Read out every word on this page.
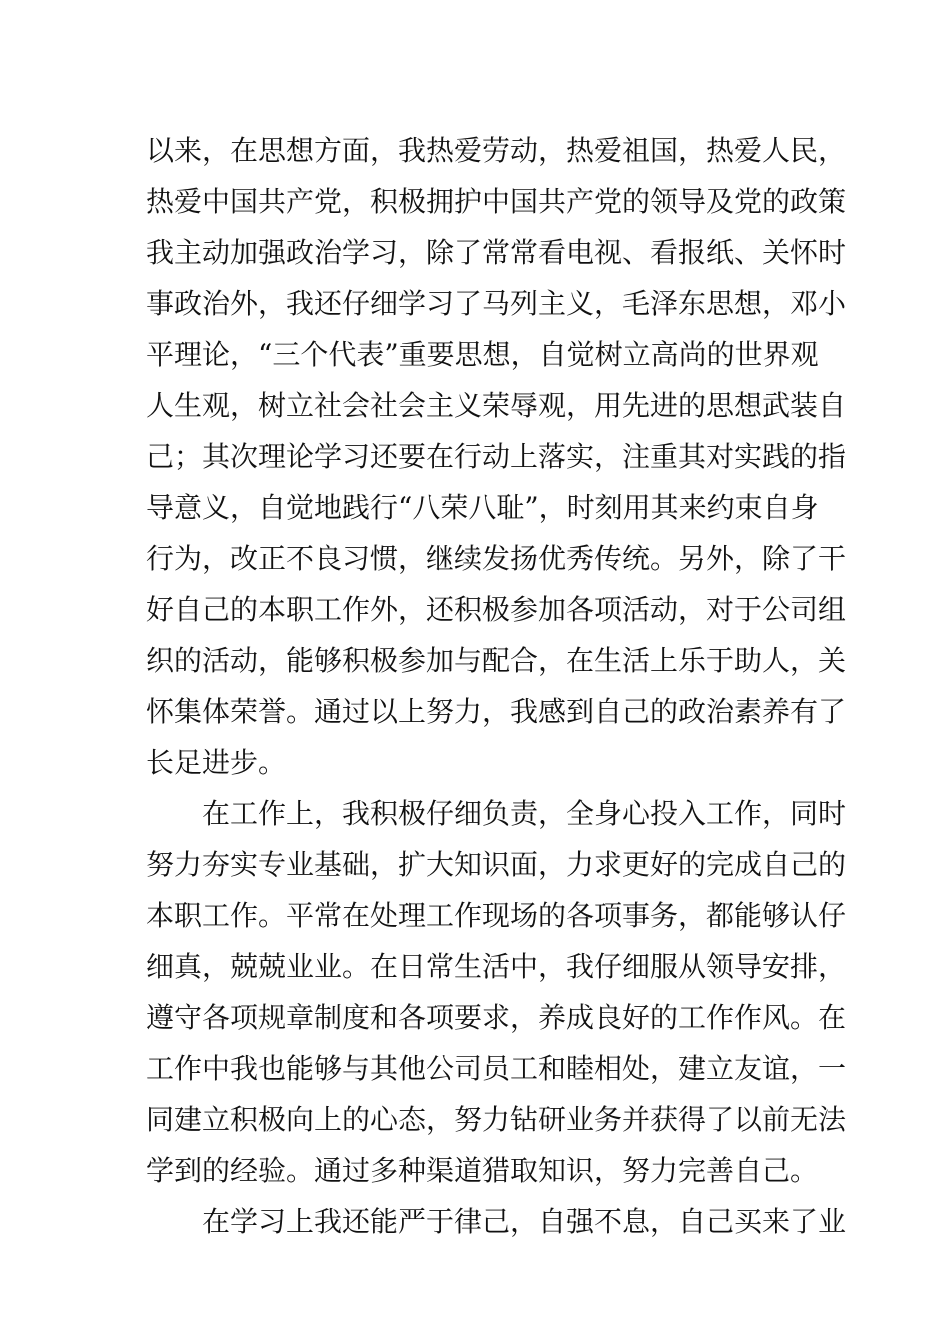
以来，在思想方面，我热爱劳动，热爱祖国，热爱人民，
热爱中国共产党，积极拥护中国共产党的领导及党的政策
我主动加强政治学习，除了常常看电视、看报纸、关怀时
事政治外，我还仔细学习了马列主义，毛泽东思想，邓小
平理论，“三个代表”重要思想，自觉树立高尚的世界观
人生观，树立社会社会主义荣辱观，用先进的思想武装自
己；其次理论学习还要在行动上落实，注重其对实践的指
导意义，自觉地践行“八荣八耻”，时刻用其来约束自身
行为，改正不良习惯，继续发扬优秀传统。另外，除了干
好自己的本职工作外，还积极参加各项活动，对于公司组
织的活动，能够积极参加与配合，在生活上乐于助人，关
怀集体荣誉。通过以上努力，我感到自己的政治素养有了
长足进步。
在工作上，我积极仔细负责，全身心投入工作，同时
努力夯实专业基础，扩大知识面，力求更好的完成自己的
本职工作。平常在处理工作现场的各项事务，都能够认仔
细真，兢兢业业。在日常生活中，我仔细服从领导安排，
遵守各项规章制度和各项要求，养成良好的工作作风。在
工作中我也能够与其他公司员工和睦相处，建立友谊，一
同建立积极向上的心态，努力钻研业务并获得了以前无法
学到的经验。通过多种渠道猎取知识，努力完善自己。
在学习上我还能严于律己，自强不息，自己买来了业
